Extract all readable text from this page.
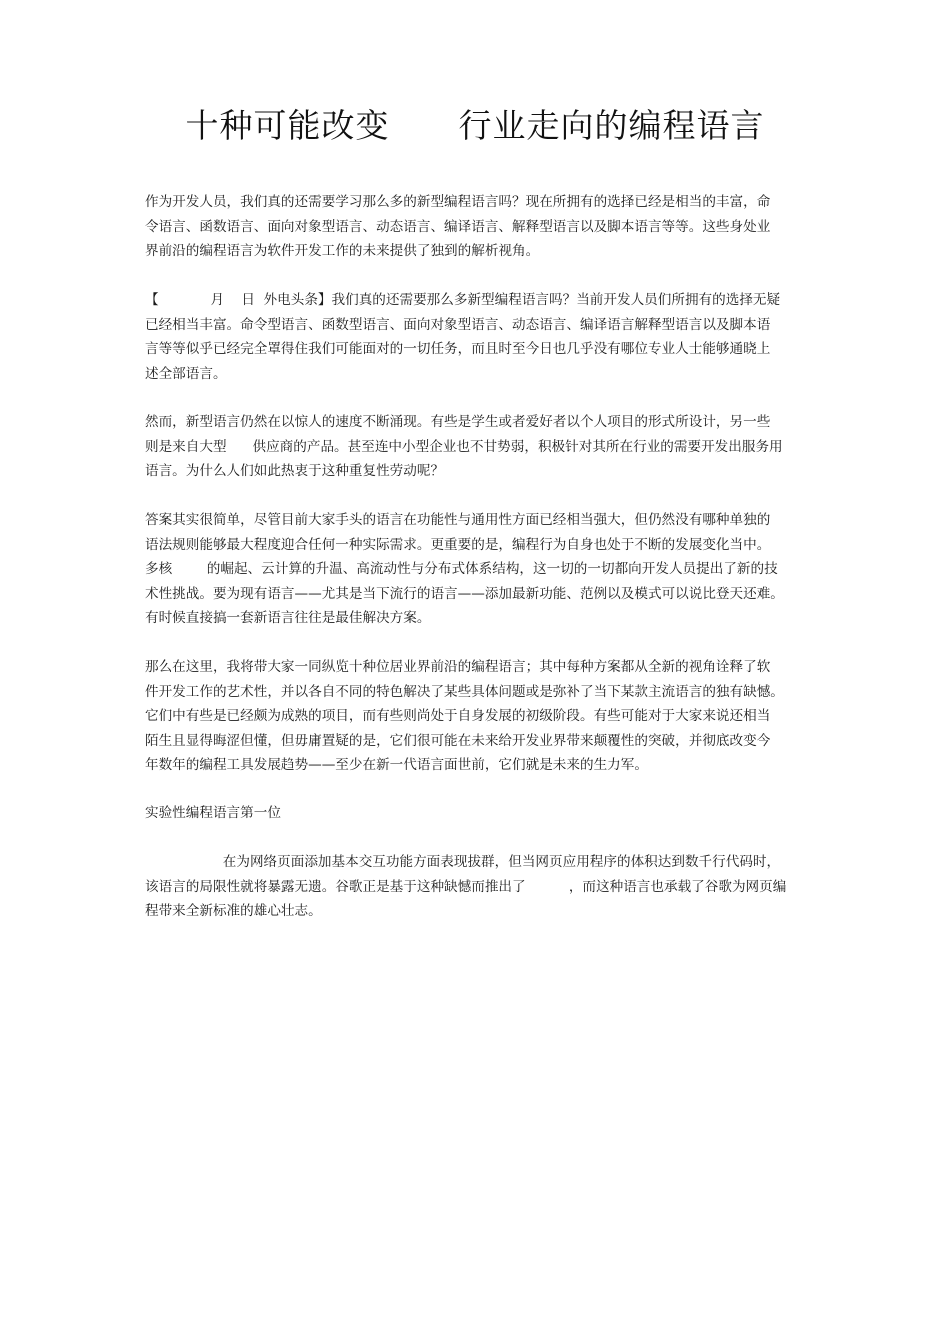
十种可能改变      行业走向的编程语言
作为开发人员，我们真的还需要学习那么多的新型编程语言吗？现在所拥有的选择已经是相当的丰富，命
令语言、函数语言、面向对象型语言、动态语言、编译语言、解释型语言以及脚本语言等等。这些身处业
界前沿的编程语言为软件开发工作的未来提供了独到的解析视角。
【            月    日  外电头条】我们真的还需要那么多新型编程语言吗？当前开发人员们所拥有的选择无疑
已经相当丰富。命令型语言、函数型语言、面向对象型语言、动态语言、编译语言解释型语言以及脚本语
言等等似乎已经完全罩得住我们可能面对的一切任务，而且时至今日也几乎没有哪位专业人士能够通晓上
述全部语言。
然而，新型语言仍然在以惊人的速度不断涌现。有些是学生或者爱好者以个人项目的形式所设计，另一些
则是来自大型      供应商的产品。甚至连中小型企业也不甘势弱，积极针对其所在行业的需要开发出服务用
语言。为什么人们如此热衷于这种重复性劳动呢？
答案其实很简单，尽管目前大家手头的语言在功能性与通用性方面已经相当强大，但仍然没有哪种单独的
语法规则能够最大程度迎合任何一种实际需求。更重要的是，编程行为自身也处于不断的发展变化当中。
多核        的崛起、云计算的升温、高流动性与分布式体系结构，这一切的一切都向开发人员提出了新的技
术性挑战。要为现有语言——尤其是当下流行的语言——添加最新功能、范例以及模式可以说比登天还难。
有时候直接搞一套新语言往往是最佳解决方案。
那么在这里，我将带大家一同纵览十种位居业界前沿的编程语言；其中每种方案都从全新的视角诠释了软
件开发工作的艺术性，并以各自不同的特色解决了某些具体问题或是弥补了当下某款主流语言的独有缺憾。
它们中有些是已经颇为成熟的项目，而有些则尚处于自身发展的初级阶段。有些可能对于大家来说还相当
陌生且显得晦涩但懂，但毋庸置疑的是，它们很可能在未来给开发业界带来颠覆性的突破，并彻底改变今
年数年的编程工具发展趋势——至少在新一代语言面世前，它们就是未来的生力军。
实验性编程语言第一位
在为网络页面添加基本交互功能方面表现拔群，但当网页应用程序的体积达到数千行代码时，
该语言的局限性就将暴露无遗。谷歌正是基于这种缺憾而推出了          ，而这种语言也承载了谷歌为网页编
程带来全新标准的雄心壮志。
